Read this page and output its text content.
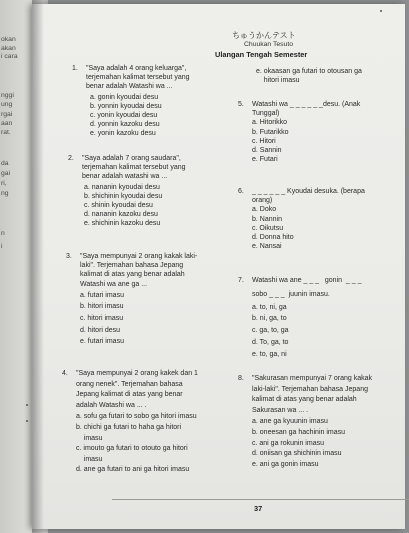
okan
akan
i cara
nggi
ung
rgai
aan
rat.
da
gai
ri,
ng
n
i
ちゅうかんテスト
Chuukan Tesuto
Ulangan Tengah Semester
1. "Saya adalah 4 orang keluarga",
terjemahan kalimat tersebut yang
benar adalah Watashi wa ...
a. gonin kyoudai desu
b. yonnin kyoudai desu
c. yonin kyoudai desu
d. yonnin kazoku desu
e. yonin kazoku desu
2. "Saya adalah 7 orang saudara",
terjemahan kalimat tersebut yang
benar adalah watashi wa ...
a. nananin kyoudai desu
b. shichinin kyoudai desu
c. shinin kyoudai desu
d. nananin kazoku desu
e. shichinin kazoku desu
3. "Saya mempunyai 2 orang kakak laki-
laki". Terjemahan bahasa Jepang
kalimat di atas yang benar adalah
Watashi wa ane ga ...
a. futari imasu
b. hitori imasu
c. hitori imasu
d. hitori desu
e. futari imasu
4. "Saya mempunyai 2 orang kakek dan 1
orang nenek". Terjemahan bahasa
Jepang kalimat di atas yang benar
adalah Watashi wa ... .
a. sofu ga futari to sobo ga hitori imasu
b. chichi ga futari to haha ga hitori
imasu
c. imouto ga futari to otouto ga hitori
imasu
d. ane ga futari to ani ga hitori imasu
e. okaasan ga futari to otousan ga
hitori imasu
5. Watashi wa _ _ _ _ _ _desu. (Anak
Tunggal)
a. Hitorikko
b. Futarikko
c. Hitori
d. Sannin
e. Futari
6. _ _ _ _ _ _ Kyoudai desuka. (berapa
orang)
a. Doko
b. Nannin
c. Oikutsu
d. Donna hito
e. Nansai
7. Watashi wa ane _ _ _   gonin  _ _ _
sobo _ _ _  juunin imasu.
a. to, ni, ga
b. ni, ga, to
c. ga, to, ga
d. To, ga, to
e. to, ga, ni
8. "Sakurasan mempunyai 7 orang kakak
laki-laki". Terjemahan bahasa Jepang
kalimat di atas yang benar adalah
Sakurasan wa ... .
a. ane ga kyuunin imasu
b. oneesan ga hachinin imasu
c. ani ga rokunin imasu
d. oniisan ga shichinin imasu
e. ani ga gonin imasu
37
